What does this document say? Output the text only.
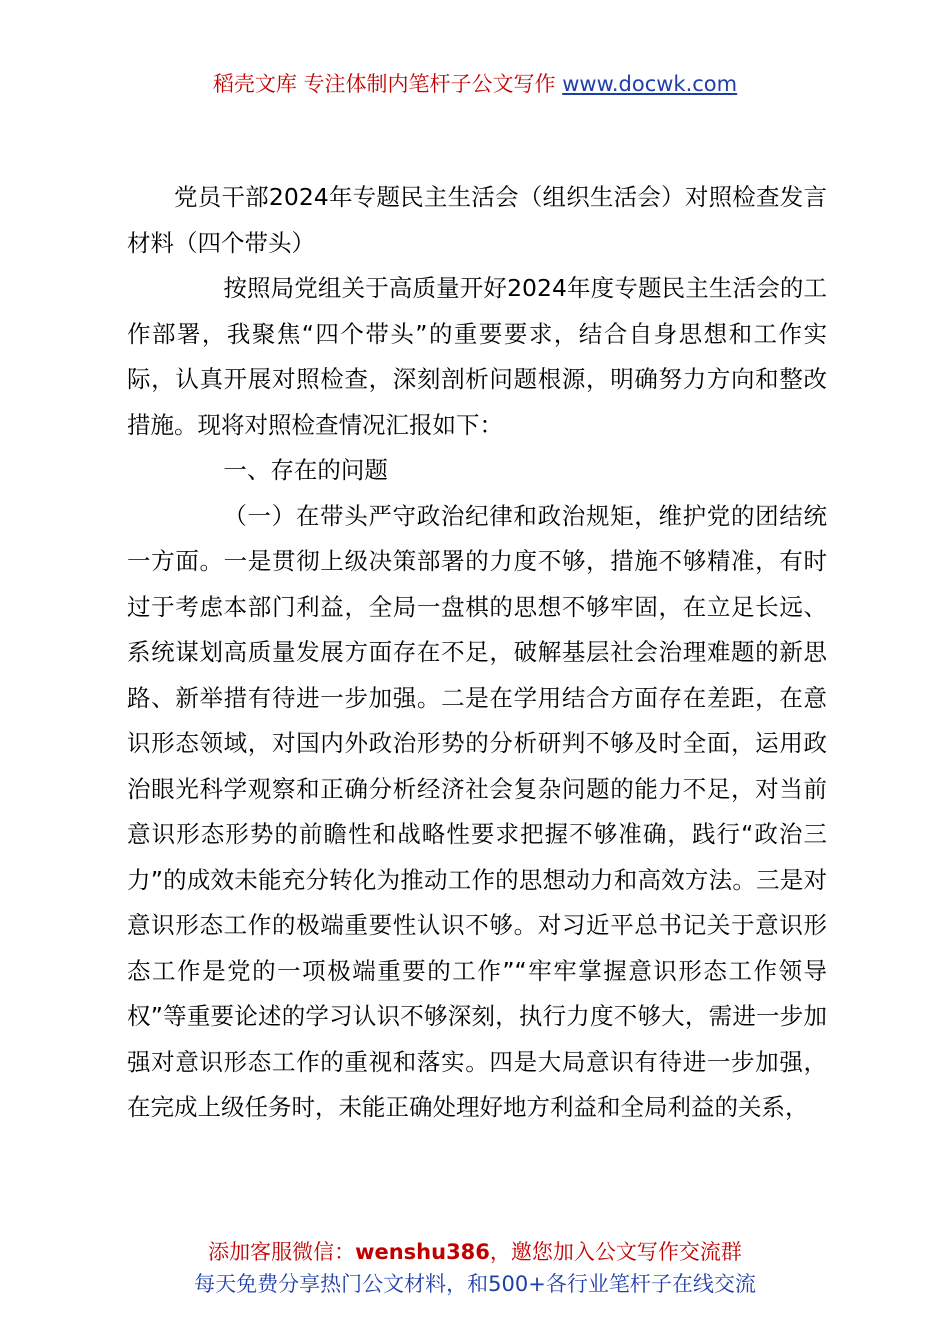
稻壳文库 专注体制内笔杆子公文写作 www.docwk.com

党员干部2024年专题民主生活会（组织生活会）对照检查发言材料（四个带头）

按照局党组关于高质量开好2024年度专题民主生活会的工作部署，我聚焦“四个带头”的重要要求，结合自身思想和工作实际，认真开展对照检查，深刻剖析问题根源，明确努力方向和整改措施。现将对照检查情况汇报如下：

一、存在的问题

（一）在带头严守政治纪律和政治规矩，维护党的团结统一方面。一是贯彻上级决策部署的力度不够，措施不够精准，有时过于考虑本部门利益，全局一盘棋的思想不够牢固，在立足长远、系统谋划高质量发展方面存在不足，破解基层社会治理难题的新思路、新举措有待进一步加强。二是在学用结合方面存在差距，在意识形态领域，对国内外政治形势的分析研判不够及时全面，运用政治眼光科学观察和正确分析经济社会复杂问题的能力不足，对当前意识形态形势的前瞻性和战略性要求把握不够准确，践行“政治三力”的成效未能充分转化为推动工作的思想动力和高效方法。三是对意识形态工作的极端重要性认识不够。对习近平总书记关于意识形态工作是党的一项极端重要的工作”“牢牢掌握意识形态工作领导权”等重要论述的学习认识不够深刻，执行力度不够大，需进一步加强对意识形态工作的重视和落实。四是大局意识有待进一步加强，在完成上级任务时，未能正确处理好地方利益和全局利益的关系，

添加客服微信：wenshu386，邀您加入公文写作交流群
每天免费分享热门公文材料，和500+各行业笔杆子在线交流
